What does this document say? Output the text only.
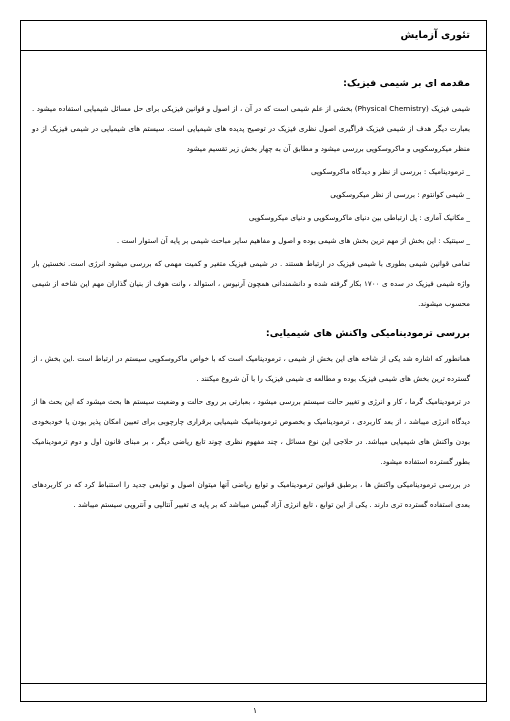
تئوری آزمایش
مقدمه ای بر شیمی فیزیک:

شیمی فیزیک (Physical Chemistry) بخشی از علم شیمی است که در آن ، از اصول و قوانین فیزیکی برای حل مسائل شیمیایی استفاده میشود . بعبارت دیگر هدف از شیمی فیزیک فراگیری اصول نظری فیزیک در توصیح پدیده های شیمیایی است. سیستم های شیمیایی در شیمی فیزیک از دو منظر میکروسکوپی و ماکروسکوپی بررسی میشود و مطابق آن به چهار بخش زیر تقسیم میشود

_ ترمودینامیک : بررسی از نظر و دیدگاه ماکروسکوپی
_ شیمی کوانتوم : بررسی از نظر میکروسکوپی
_ مکانیک آماری : پل ارتباطی بین دنیای ماکروسکوپی و دنیای میکروسکوپی
_ سینتیک : این بخش از مهم ترین بخش های شیمی بوده و اصول و مفاهیم سایر مباحث شیمی بر پایه آن استوار است .

تمامی قوانین شیمی بطوری با شیمی فیزیک در ارتباط هستند . در شیمی فیزیک متغیر و کمیت مهمی که بررسی میشود انرژی است. نخستین بار واژه شیمی فیزیک در سده ی ۱۷۰۰ بکار گرفته شده و دانشمندانی همچون آرنیوس ، استوالد ، وانت هوف از بنیان گذاران مهم این شاخه از شیمی محسوب میشوند.

بررسی ترمودینامیکی واکنش های شیمیایی:

همانطور که اشاره شد یکی از شاخه های این بخش از شیمی ، ترمودینامیک است که با خواص ماکروسکوپی سیستم در ارتباط است .این بخش ، از گسترده ترین بخش های شیمی فیزیک بوده و مطالعه ی شیمی فیزیک را با آن شروع میکنند .

در ترمودینامیک گرما ، کار و انرژی و تغییر حالت سیستم بررسی میشود ، بعبارتی بر روی حالت و وضعیت سیستم ها بحث میشود که این بحث ها از دیدگاه انرژی میباشد ، از بعد کاربردی ، ترمودینامیک و بخصوص ترمودینامیک شیمیایی برقراری چارچوبی برای تعیین امکان پذیر بودن یا خودبخودی بودن واکنش های شیمیایی میباشد. در حلاجی این نوع مسائل ، چند مفهوم نظری چوند تابع ریاضی دیگر ، بر مبنای قانون اول و دوم ترمودینامیک بطور گسترده استفاده میشود.

در بررسی ترمودینامیکی واکنش ها ، برطبق قوانین ترمودینامیک و توابع ریاضی آنها میتوان اصول و توابعی جدید را استنباط کرد که در کاربردهای بعدی استفاده گسترده تری دارند . یکی از این توابع ، تابع انرژی آزاد گیبس میباشد که بر پایه ی تغییر آنتالپی و آنتروپی سیستم میباشد .

۱
